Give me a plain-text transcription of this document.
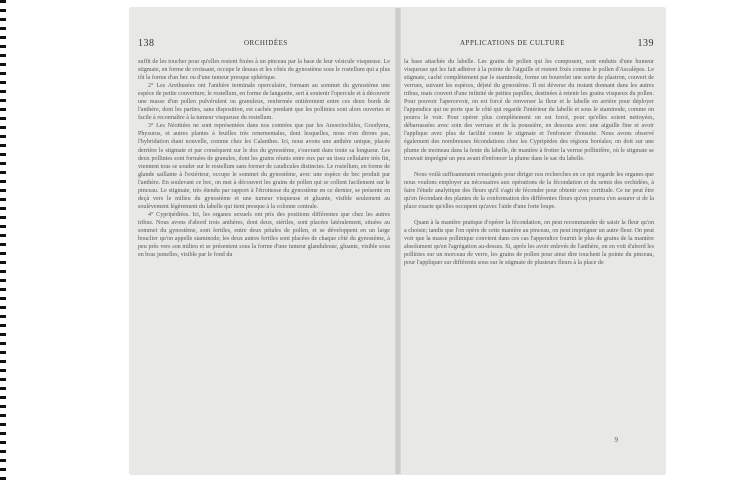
138	ORCHIDÉES

suffit de les toucher pour qu'elles restent fixées à un pinceau par la base de leur vésicule visqueuse. Le stigmate, en forme de croissant, occupe le dessus et les côtés du gynostème sous le rostellum qui a plus tôt la forme d'un bec ou d'une tumeur presque sphérique.

2° Les Arethusées ont l'anthère terminale operculaire, formant au sommet du gynostème une espèce de petite couverture; le rostellum, en forme de languette, sert à soutenir l'opercule et à découvrir une masse d'un pollen pulvérulent ou granuleux, renfermée entièrement entre ces deux bords de l'anthère, dont les parties, sans disposition, est cachée pendant que les pollinies sont alors ouvertes et facile à reconnaître à la tumeur visqueuse du rostellum.

3° Les Néottiées ne sont représentées dans nos contrées que par les Anoectochiles, Goodyera, Physurus, et autres plantes à feuilles très ornementales, dont lesquelles, nous n'en dirons pas, l'hybridation étant nouvelle, comme chez les Calanthes. Ici, nous avons une anthère unique, placée derrière le stigmate et par conséquent sur le dos du gynostème, s'ouvrant dans toute sa longueur. Les deux pollinies sont formées de granules, dont les grains réunis entre eux par un tissu cellulaire très fin, viennent tous se souder sur le rostellum sans former de caudicules distinctes. Le rostellum, en forme de glande saillante à l'extérieur, occupe le sommet du gynostème, avec une espèce de bec produit par l'anthère. En soulevant ce bec, on met à découvert les grains de pollen qui se collent facilement sur le pinceau. Le stigmate, très étendu par rapport à l'étroitesse du gynostème en ce dernier, se présente en deçà vers le milieu du gynostème et une tumeur visqueuse et gluante, visible seulement au soulèvement légèrement du labelle qui tient presque à la colonne centrale.

4° Cypripédiées. Ici, les organes sexuels ont pris des positions différentes que chez les autres tribus. Nous avons d'abord trois anthères, dont deux, stériles, sont placées latéralement, situées au sommet du gynostème, sont fertiles, entre deux pétales de pollen, et se développent en un large bouclier qu'on appelle staminode; les deux autres fertiles sont placées de chaque côté du gynostème, à peu près vers son milieu et se présentent sous la forme d'une tumeur glanduleuse, gluante, visible sous en bras jumelles, visible par le fond du

APPLICATIONS DE CULTURE	139

la base attachée du labelle. Les grains de pollen qui les composent, sont enduits d'une humeur visqueuse qui les fait adhérer à la pointe de l'aiguille et restent fixés comme le pollen d'Ascalèpes. Le stigmate, caché complètement par le staminode, forme un bourrelet une sorte de plastron, couvert de verrues, suivant les espèces, déjeté du gynostème. Il est déverse du restant donnant dans les autres tribus, mais couvert d'une infinité de petites papilles, destinées à retenir les grains visqueux du pollen. Pour pouvoir l'apercevoir, on est forcé de renverser la fleur et le labelle en arrière pour déployer l'appendice qui ne porte que le côté qui regarde l'intérieur du labelle et sous le staminode, comme on pourra le voir. Pour opérer plus complètement on est forcé, pour qu'elles soient nettoyées, débarrassées avec soin des verrues et de la poussière, en dessous avec une aiguille fine et avoir l'applique avec plus de facilité contre le stigmate et l'enfoncer d'ensuite. Nous avons observé également des nombreuses fécondations chez les Cypripèdes des régions boréales; on doit sur une plume de moineau dans la fente du labelle, de manière à frotter la verrue pollinifère, où le stigmate se trouvait imprégné un peu avant d'enfoncer la plume dans le sac du labelle.

Nous voilà suffisamment renseignés pour diriger nos recherches en ce qui regarde les organes que nous voulons employer au nécessaires aux opérations de la fécondation et du semis des orchidées, à faire l'étude analytique des fleurs qu'il s'agit de féconder pour obtenir avec certitude. Ce ne peut être qu'en fécondant des plantes de la conformation des différentes fleurs qu'on pourra s'en assurer si de la place exacte qu'elles occupent qu'avec l'aide d'une forte loupe.

Quant à la manière pratique d'opérer la fécondation, on peut recommander de saisir la fleur qu'on a choisie; tandis que l'on opère de cette manière au pinceau, on peut imprégner un autre fleur. On peut voir que la masse pollinique convient dans ces cas l'appendice fournit le plus de grains de la manière absolument qu'en l'agrégation au-dessus. Si, après les avoir enlevés de l'anthère, on en voit d'abord les pollinies sur un morceau de verre, les grains de pollen pour ainsi dire touchent la pointe du pinceau, pour l'appliquer sur différents sous sur le stigmate de plusieurs fleurs à la place de

9
